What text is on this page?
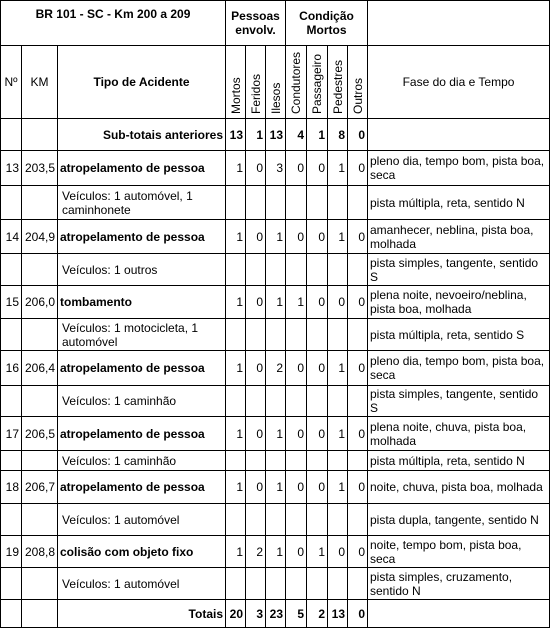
BR 101 - SC - Km 200 a 209			Pessoas envolv.			Condição Mortos				
Nº	KM	Tipo de Acidente	Mortos	Feridos	Ilesos	Condutores	Passageiro	Pedestres	Outros	Fase do dia e Tempo
		Sub-totais anteriores	13	1	13	4	1	8	0	
13	203,5	atropelamento de pessoa	1	0	3	0	0	1	0	pleno dia, tempo bom, pista boa, seca
		Veículos: 1 automóvel, 1 caminhonete								pista múltipla, reta, sentido N
14	204,9	atropelamento de pessoa	1	0	1	0	0	1	0	amanhecer, neblina, pista boa, molhada
		Veículos: 1 outros								pista simples, tangente, sentido S
15	206,0	tombamento	1	0	1	1	0	0	0	plena noite, nevoeiro/neblina, pista boa, molhada
		Veículos: 1 motocicleta, 1 automóvel								pista múltipla, reta, sentido S
16	206,4	atropelamento de pessoa	1	0	2	0	0	1	0	pleno dia, tempo bom, pista boa, seca
		Veículos: 1 caminhão								pista simples, tangente, sentido S
17	206,5	atropelamento de pessoa	1	0	1	0	0	1	0	plena noite, chuva, pista boa, molhada
		Veículos: 1 caminhão								pista múltipla, reta, sentido N
18	206,7	atropelamento de pessoa	1	0	1	0	0	1	0	noite, chuva, pista boa, molhada
		Veículos: 1 automóvel								pista dupla, tangente, sentido N
19	208,8	colisão com objeto fixo	1	2	1	0	1	0	0	noite, tempo bom, pista boa, seca
		Veículos: 1 automóvel								pista simples, cruzamento, sentido N
		Totais	20	3	23	5	2	13	0	
